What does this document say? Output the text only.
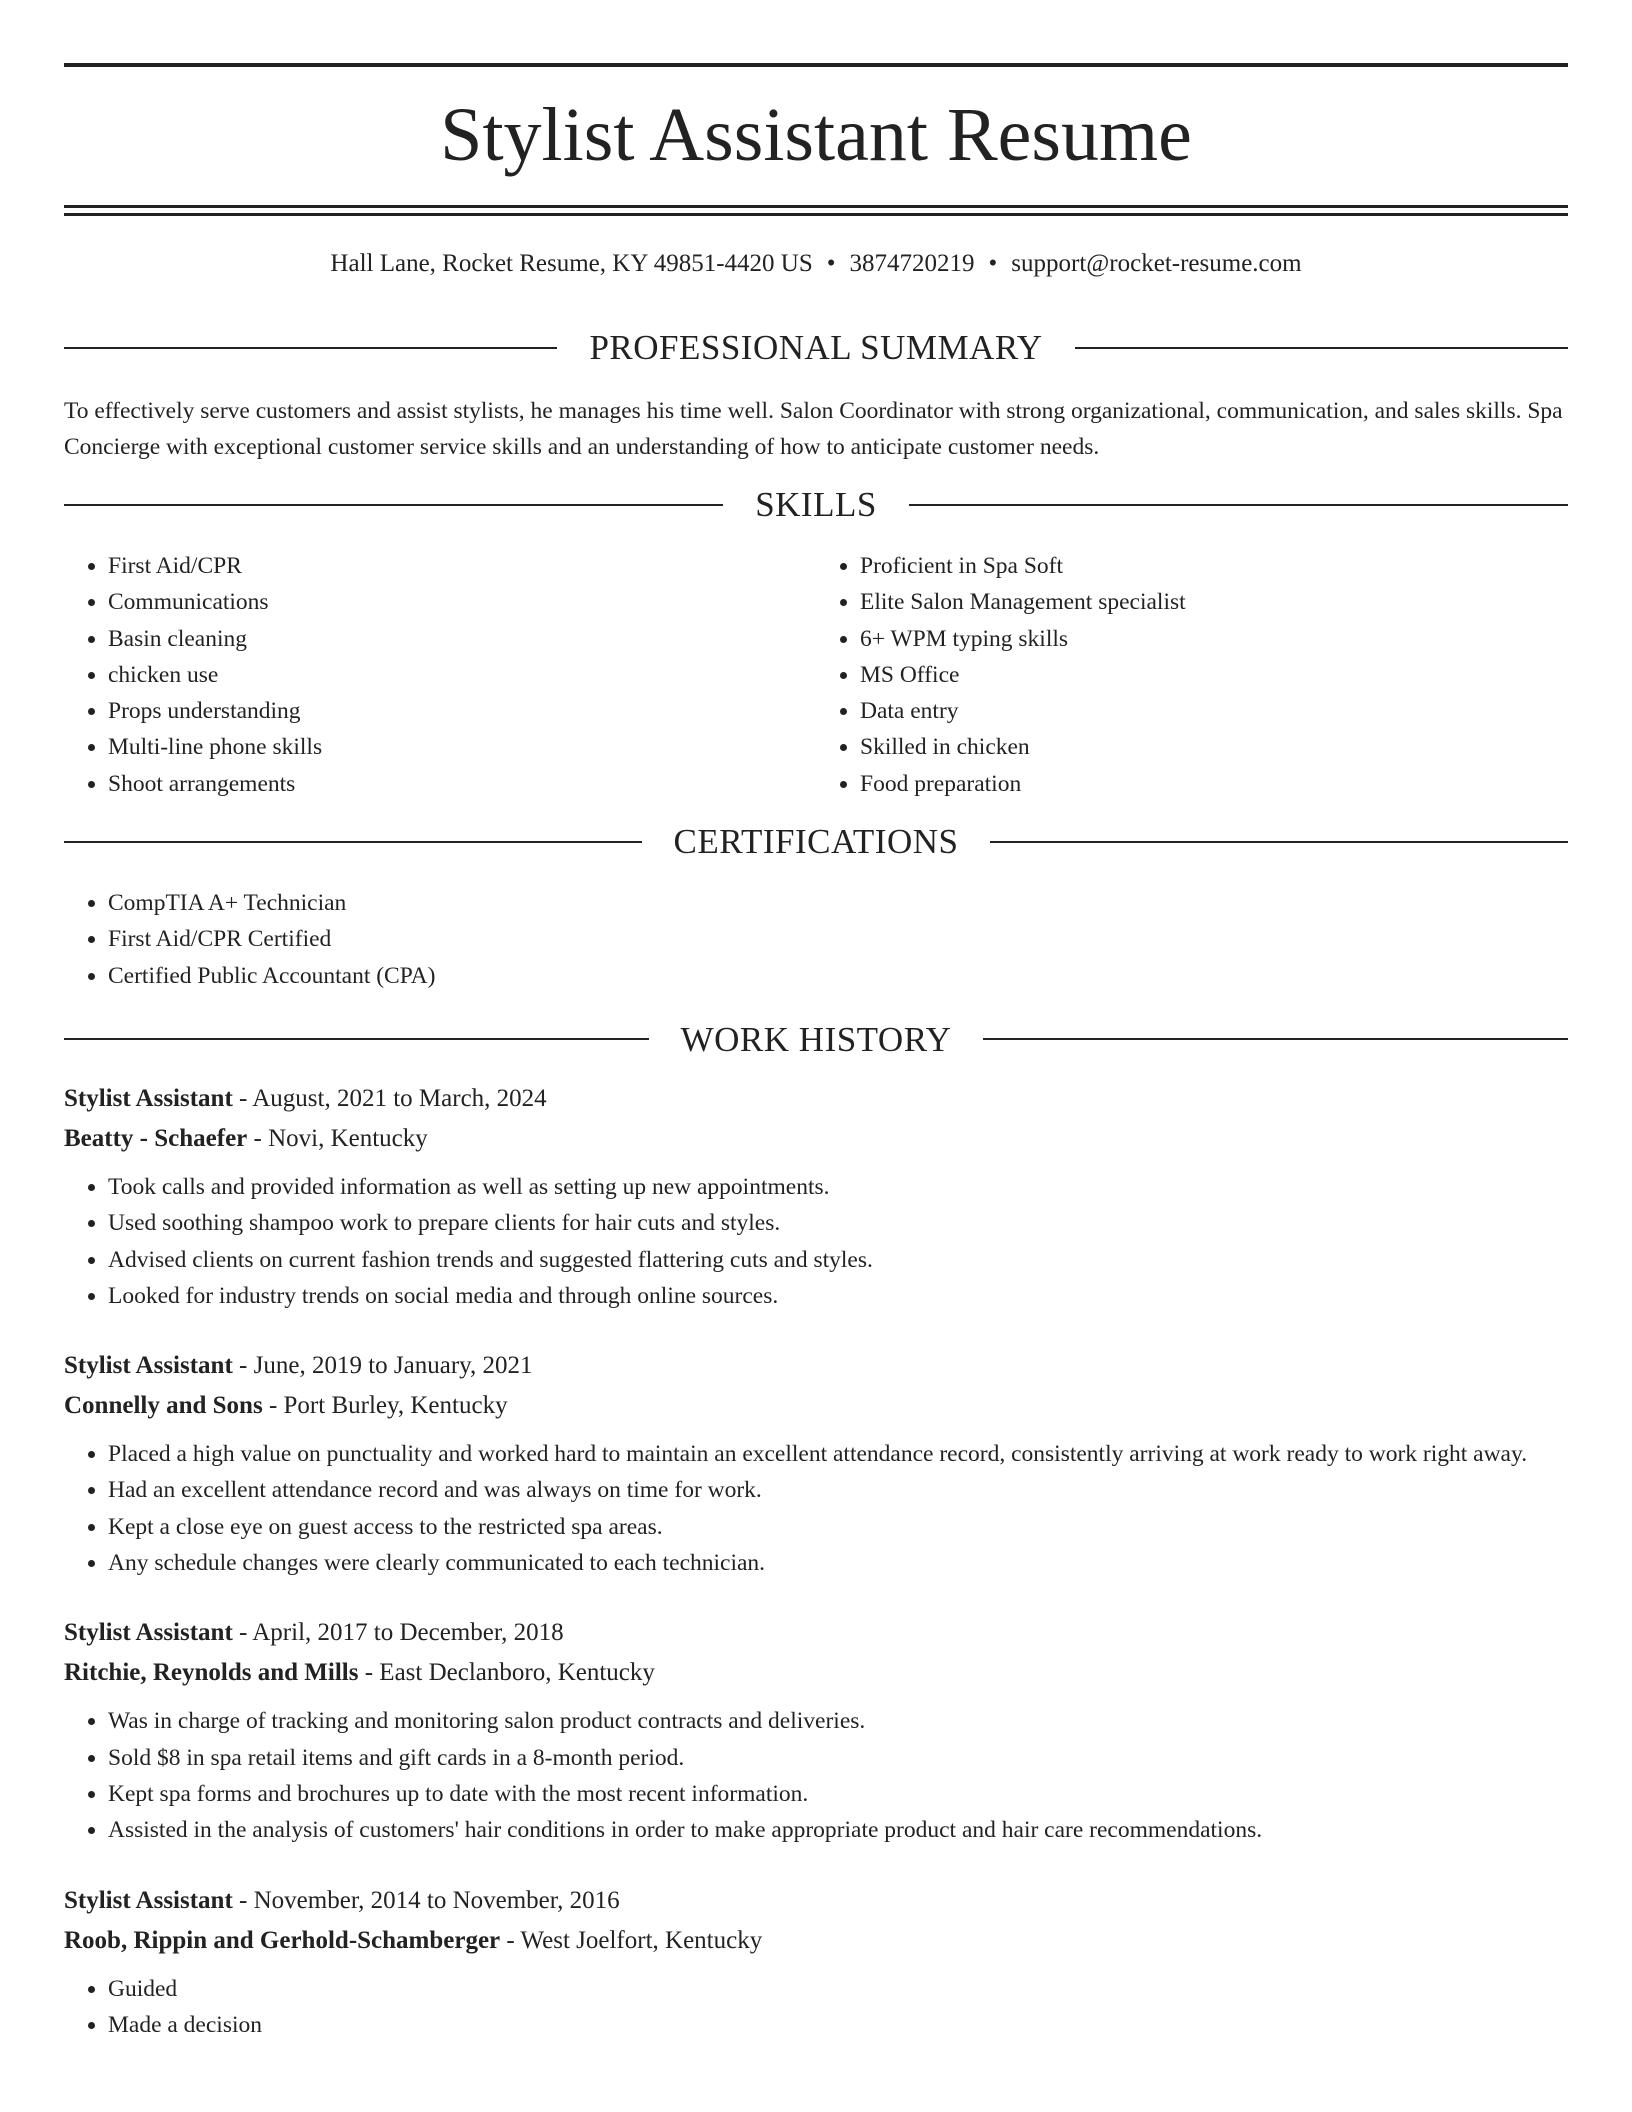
Stylist Assistant Resume
Hall Lane, Rocket Resume, KY 49851-4420 US • 3874720219 • support@rocket-resume.com
PROFESSIONAL SUMMARY

To effectively serve customers and assist stylists, he manages his time well. Salon Coordinator with strong organizational, communication, and sales skills. Spa Concierge with exceptional customer service skills and an understanding of how to anticipate customer needs.

SKILLS
• First Aid/CPR
• Communications
• Basin cleaning
• chicken use
• Props understanding
• Multi-line phone skills
• Shoot arrangements
• Proficient in Spa Soft
• Elite Salon Management specialist
• 6+ WPM typing skills
• MS Office
• Data entry
• Skilled in chicken
• Food preparation
CERTIFICATIONS
• CompTIA A+ Technician
• First Aid/CPR Certified
• Certified Public Accountant (CPA)
WORK HISTORY
Stylist Assistant - August, 2021 to March, 2024
Beatty - Schaefer - Novi, Kentucky
• Took calls and provided information as well as setting up new appointments.
• Used soothing shampoo work to prepare clients for hair cuts and styles.
• Advised clients on current fashion trends and suggested flattering cuts and styles.
• Looked for industry trends on social media and through online sources.
Stylist Assistant - June, 2019 to January, 2021
Connelly and Sons - Port Burley, Kentucky
• Placed a high value on punctuality and worked hard to maintain an excellent attendance record, consistently arriving at work ready to work right away.
• Had an excellent attendance record and was always on time for work.
• Kept a close eye on guest access to the restricted spa areas.
• Any schedule changes were clearly communicated to each technician.
Stylist Assistant - April, 2017 to December, 2018
Ritchie, Reynolds and Mills - East Declanboro, Kentucky
• Was in charge of tracking and monitoring salon product contracts and deliveries.
• Sold $8 in spa retail items and gift cards in a 8-month period.
• Kept spa forms and brochures up to date with the most recent information.
• Assisted in the analysis of customers' hair conditions in order to make appropriate product and hair care recommendations.
Stylist Assistant - November, 2014 to November, 2016
Roob, Rippin and Gerhold-Schamberger - West Joelfort, Kentucky
• Guided
• Made a decision
